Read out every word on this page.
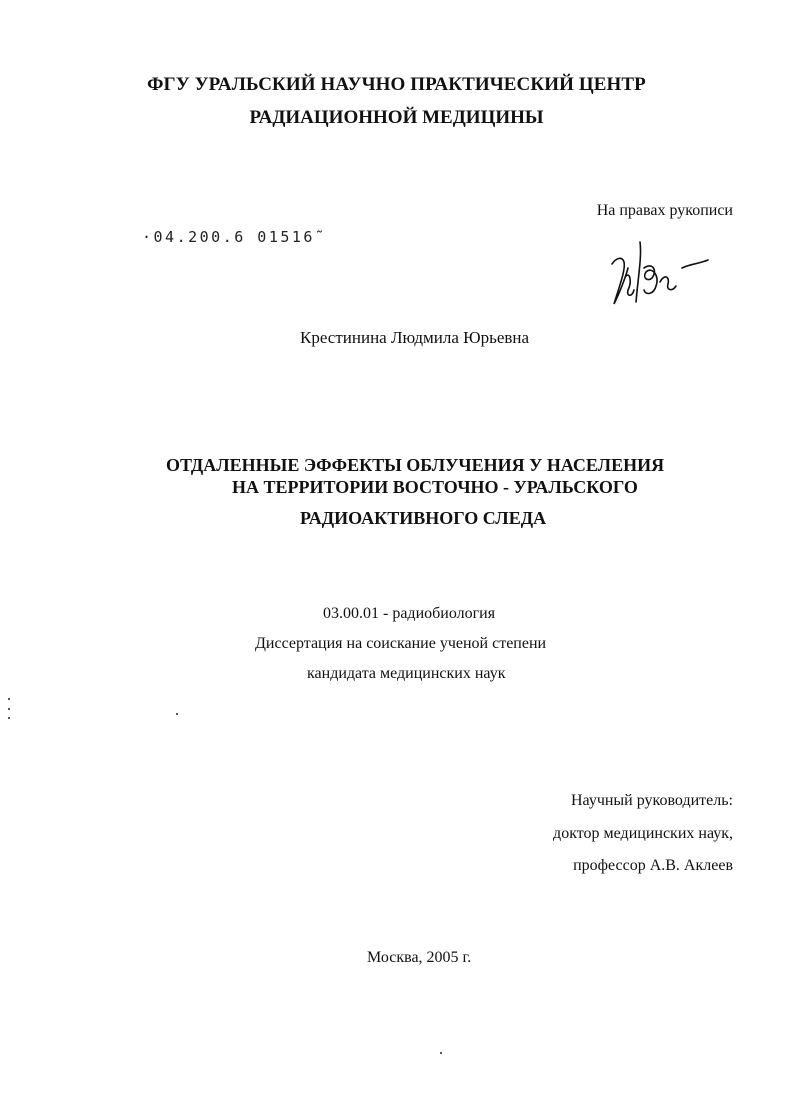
ФГУ УРАЛЬСКИЙ НАУЧНО ПРАКТИЧЕСКИЙ ЦЕНТР
РАДИАЦИОННОЙ МЕДИЦИНЫ
На правах рукописи
·04.200.6 01516˜
Крестинина Людмила Юрьевна
ОТДАЛЕННЫЕ ЭФФЕКТЫ ОБЛУЧЕНИЯ У НАСЕЛЕНИЯ
НА ТЕРРИТОРИИ ВОСТОЧНО - УРАЛЬСКОГО
РАДИОАКТИВНОГО СЛЕДА
03.00.01 - радиобиология
Диссертация на соискание ученой степени
кандидата медицинских наук
Научный руководитель:
доктор медицинских наук,
профессор А.В. Аклеев
Москва, 2005 г.
